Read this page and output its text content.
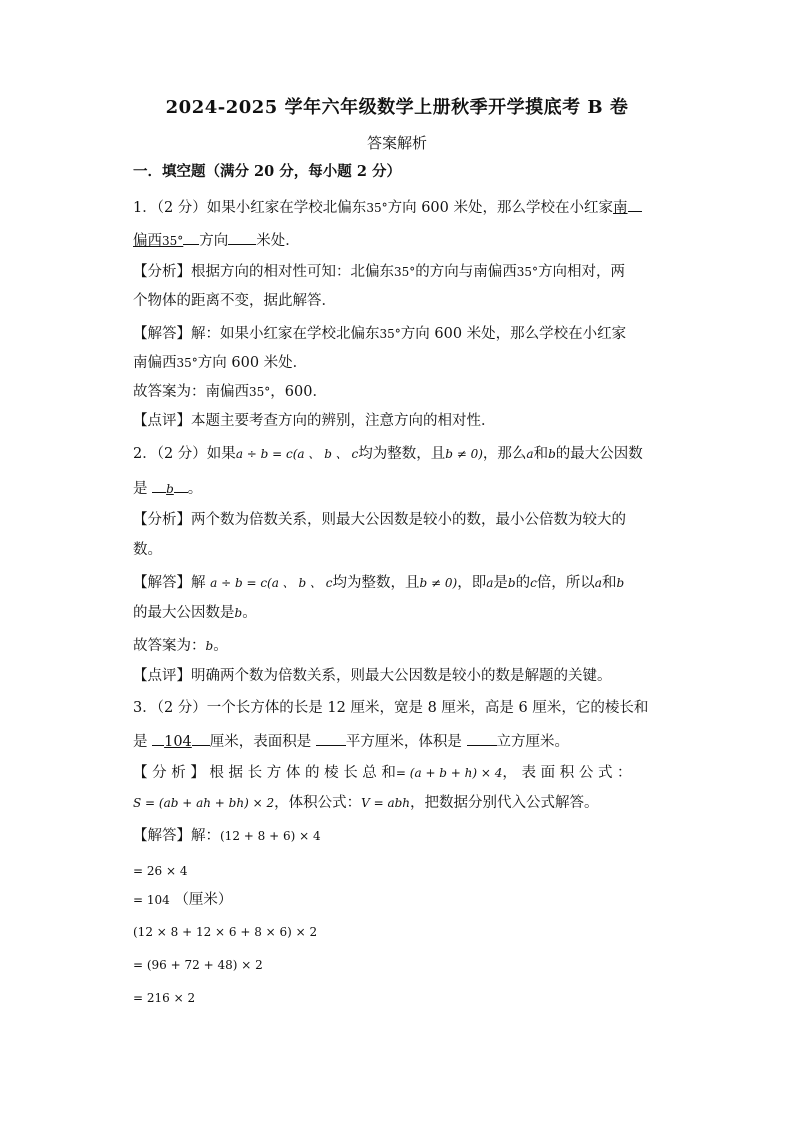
2024-2025 学年六年级数学上册秋季开学摸底考 B 卷
答案解析
一．填空题（满分 20 分，每小题 2 分）
1．（2 分）如果小红家在学校北偏东35°方向 600 米处，那么学校在小红家南
偏西35° 方向 米处．
【分析】根据方向的相对性可知：北偏东35°的方向与南偏西35°方向相对，两
个物体的距离不变，据此解答．
【解答】解：如果小红家在学校北偏东35°方向 600 米处，那么学校在小红家
南偏西35°方向 600 米处．
故答案为：南偏西35°，600．
【点评】本题主要考查方向的辨别，注意方向的相对性．
2．（2 分）如果a ÷ b = c(a 、 b 、 c均为整数，且b ≠ 0)，那么a和b的最大公因数
是 b 。
【分析】两个数为倍数关系，则最大公因数是较小的数，最小公倍数为较大的
数。
【解答】解 a ÷ b = c(a 、 b 、 c均为整数，且b ≠ 0)，即a是b的c倍，所以a和b
的最大公因数是b。
故答案为：b。
【点评】明确两个数为倍数关系，则最大公因数是较小的数是解题的关键。
3．（2 分）一个长方体的长是 12 厘米，宽是 8 厘米，高是 6 厘米，它的棱长和
是 104 厘米，表面积是 平方厘米，体积是 立方厘米。
【 分 析 】 根 据 长 方 体 的 棱 长 总 和= (a + b + h) × 4， 表 面 积 公 式 ：
S = (ab + ah + bh) × 2，体积公式：V = abh，把数据分别代入公式解答。
【解答】解：(12 + 8 + 6) × 4
= 26 × 4
= 104 （厘米）
(12 × 8 + 12 × 6 + 8 × 6) × 2
= (96 + 72 + 48) × 2
= 216 × 2
